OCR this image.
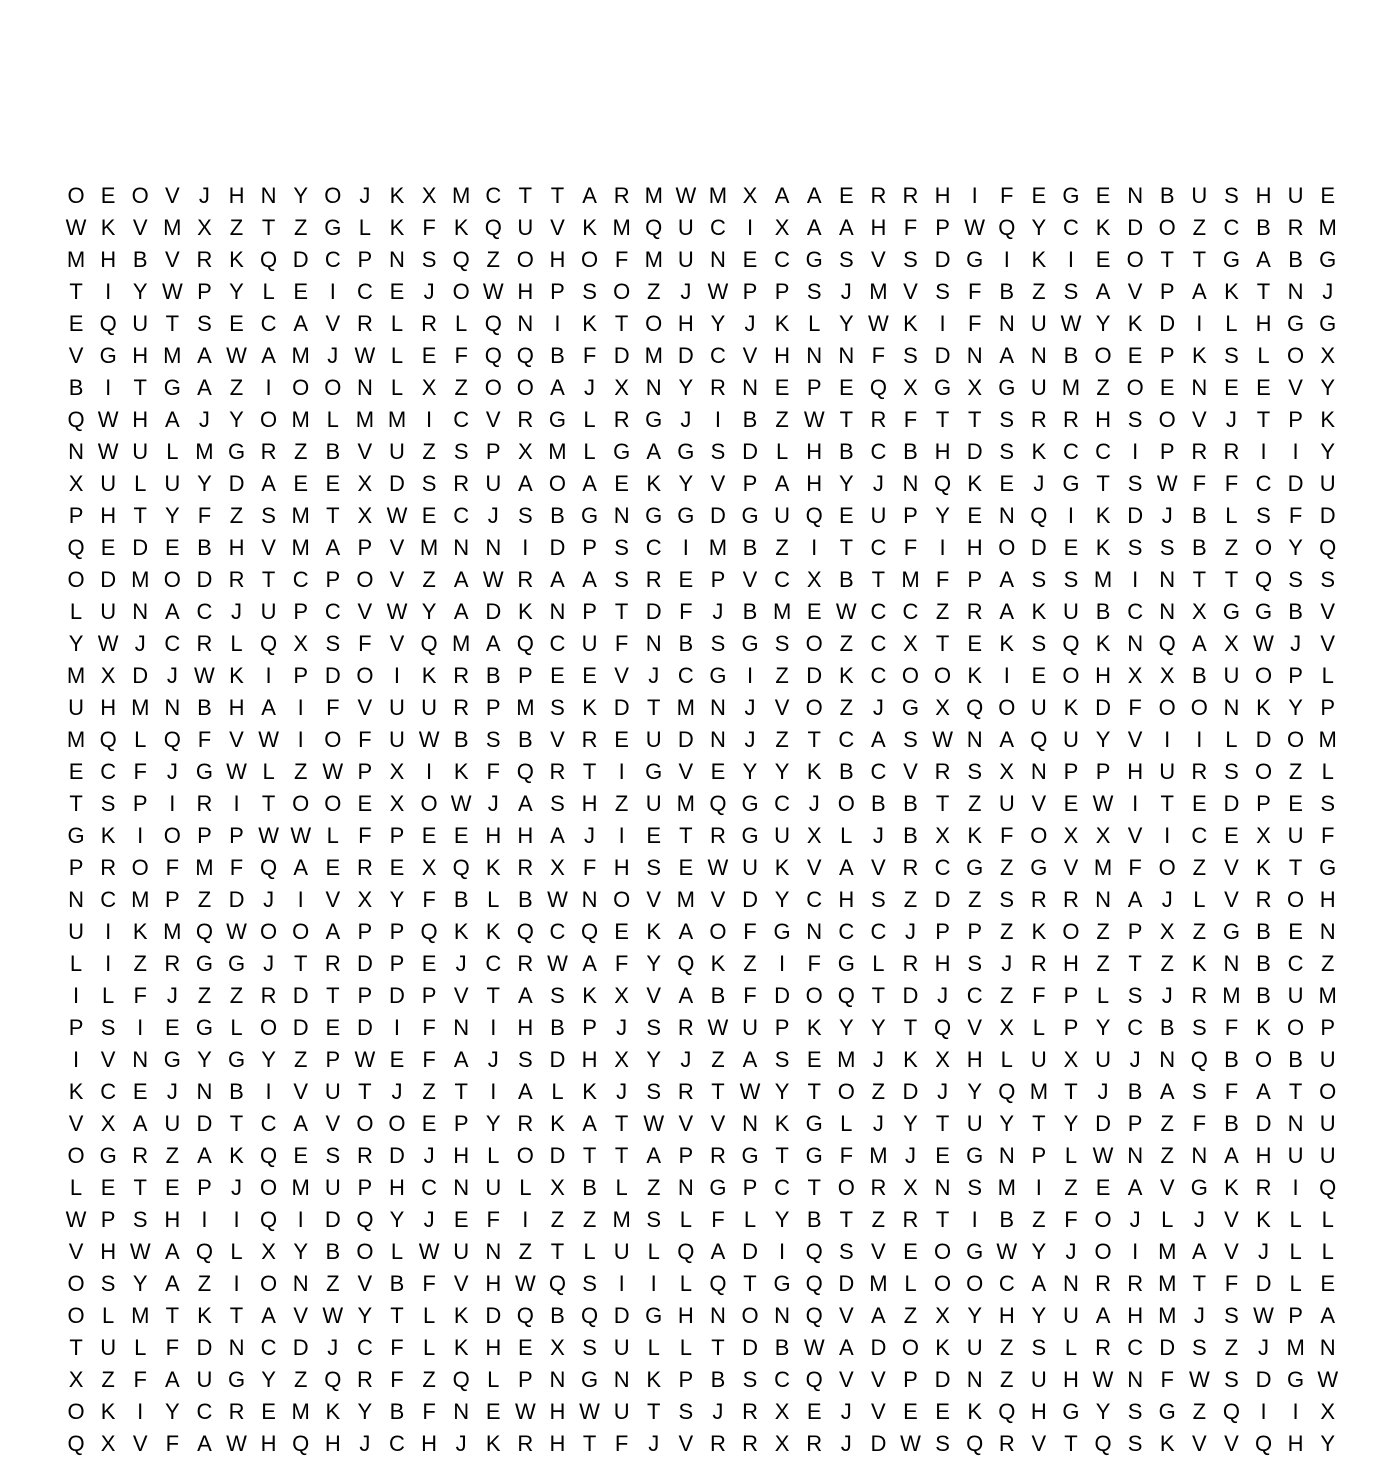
O E O V J H N Y O J K X M C T T A R M W M X A A E R R H I	F E G E N B U S H U E
W K V M X Z T Z G L K F K Q U V K M Q U C I X A A H F P W Q Y C K D O Z C B R M
M H B V R K Q D C P N S Q Z O H O F M U N E C G S V S D G I K I E O T T G A B G
T	I Y W P Y L E I C E J O W H P S O Z J W P P S J M V S F B Z S A V P A K T N J
E Q U T S E C A V R L R L Q N I K T O H Y J K L Y W K I	F N U W Y K D I	L H G G
V G H M A W A M J W L E F Q Q B F D M D C V H N N F S D N A N B O E P K S L O X
B I	T G A Z	I O O N L X Z O O A J X N Y R N E P E Q X G X G U M Z O E N E E V Y
Q W H A J Y O M L M M I C V R G L R G J	I B Z W T R F T T S R R H S O V J T P K
N W U L M G R Z B V U Z S P X M L G A G S D L H B C B H D S K C C I P R R I	I Y
X U L U Y D A E E X D S R U A O A E K Y V P A H Y J N Q K E J G T S W F F C D U
P H T Y F Z S M T X W E C J S B G N G G D G U Q E U P Y E N Q I K D J B L S F D
Q E D E B H V M A P V M N N I D P S C I M B Z	I	T C F	I H O D E K S S B Z O Y Q
O D M O D R T C P O V Z A W R A A S R E P V C X B T M F P A S S M I N T T Q S S
L U N A C J U P C V W Y A D K N P T D F J B M E W C C Z R A K U B C N X G G B V
Y W J C R L Q X S F V Q M A Q C U F N B S G S O Z C X T E K S Q K N Q A X W J V
M X D J W K I P D O I K R B P E E V J C G I	Z D K C O O K I E O H X X B U O P L
U H M N B H A I	F V U U R P M S K D T M N J V O Z J G X Q O U K D F O O N K Y P
M Q L Q F V W I O F U W B S B V R E U D N J Z T C A S W N A Q U Y V I	I	L D O M
E C F J G W L Z W P X I K F Q R T	I G V E Y Y K B C V R S X N P P H U R S O Z L
T S P I R I	T O O E X O W J A S H Z U M Q G C J O B B T Z U V E W I	T E D P E S
G K I O P P W W L F P E E H H A J	I E T R G U X L J B X K F O X X V I C E X U F
P R O F M F Q A E R E X Q K R X F H S E W U K V A V R C G Z G V M F O Z V K T G
N C M P Z D J	I V X Y F B L B W N O V M V D Y C H S Z D Z S R R N A J L V R O H
U I K M Q W O O A P P Q K K Q C Q E K A O F G N C C J P P Z K O Z P X Z G B E N
L	I	Z R G G J T R D P E J C R W A F Y Q K Z	I	F G L R H S J R H Z T Z K N B C Z
I	L F J Z Z R D T P D P V T A S K X V A B F D O Q T D J C Z F P L S J R M B U M
P S I E G L O D E D I	F N I H B P J S R W U P K Y Y T Q V X L P Y C B S F K O P
I V N G Y G Y Z P W E F A J S D H X Y J Z A S E M J K X H L U X U J N Q B O B U
K C E J N B I V U T J Z T	I A L K J S R T W Y T O Z D J Y Q M T J B A S F A T O
V X A U D T C A V O O E P Y R K A T W V V N K G L J Y T U Y T Y D P Z F B D N U
O G R Z A K Q E S R D J H L O D T T A P R G T G F M J E G N P L W N Z N A H U U
L E T E P J O M U P H C N U L X B L Z N G P C T O R X N S M I	Z E A V G K R I Q
W P S H I	I Q I D Q Y J E F	I	Z Z M S L F L Y B T Z R T	I B Z F O J L J V K L L
V H W A Q L X Y B O L W U N Z T L U L Q A D I Q S V E O G W Y J O I M A V J L L
O S Y A Z	I O N Z V B F V H W Q S I	I	L Q T G Q D M L O O C A N R R M T F D L E
O L M T K T A V W Y T L K D Q B Q D G H N O N Q V A Z X Y H Y U A H M J S W P A
T U L F D N C D J C F L K H E X S U L L T D B W A D O K U Z S L R C D S Z J M N
X Z F A U G Y Z Q R F Z Q L P N G N K P B S C Q V V P D N Z U H W N F W S D G W
O K I Y C R E M K Y B F N E W H W U T S J R X E J V E E K Q H G Y S G Z Q I	I X
Q X V F A W H Q H J C H J K R H T F J V R R X R J D W S Q R V T Q S K V V Q H Y
